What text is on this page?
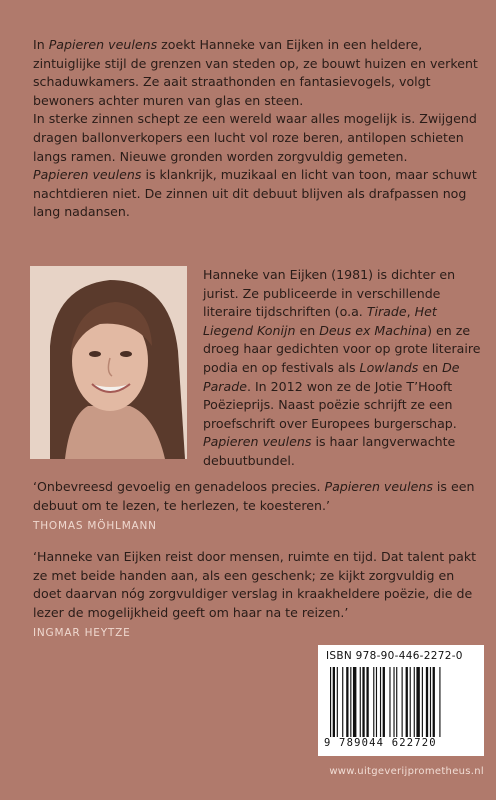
In Papieren veulens zoekt Hanneke van Eijken in een heldere, zintuiglijke stijl de grenzen van steden op, ze bouwt huizen en verkent schaduwkamers. Ze aait straathonden en fantasievogels, volgt bewoners achter muren van glas en steen.

In sterke zinnen schept ze een wereld waar alles mogelijk is. Zwijgend dragen ballonverkopers een lucht vol roze beren, antilopen schieten langs ramen. Nieuwe gronden worden zorgvuldig gemeten.

Papieren veulens is klankrijk, muzikaal en licht van toon, maar schuwt nachtdieren niet. De zinnen uit dit debuut blijven als drafpassen nog lang nadansen.

Hanneke van Eijken (1981) is dichter en jurist. Ze publiceerde in verschillende literaire tijdschriften (o.a. Tirade, Het Liegend Konijn en Deus ex Machina) en ze droeg haar gedichten voor op grote literaire podia en op festivals als Lowlands en De Parade. In 2012 won ze de Jotie T’Hooft Poëzieprijs. Naast poëzie schrijft ze een proefschrift over Europees burgerschap. Papieren veulens is haar langverwachte debuutbundel.

‘Onbevreesd gevoelig en genadeloos precies. Papieren veulens is een debuut om te lezen, te herlezen, te koesteren.’

THOMAS MÖHLMANN

‘Hanneke van Eijken reist door mensen, ruimte en tijd. Dat talent pakt ze met beide handen aan, als een geschenk; ze kijkt zorgvuldig en doet daarvan nóg zorgvuldiger verslag in kraakheldere poëzie, die de lezer de mogelijkheid geeft om haar na te reizen.’

INGMAR HEYTZE

ISBN 978-90-446-2272-0
9 789044 622720
www.uitgeverijprometheus.nl
